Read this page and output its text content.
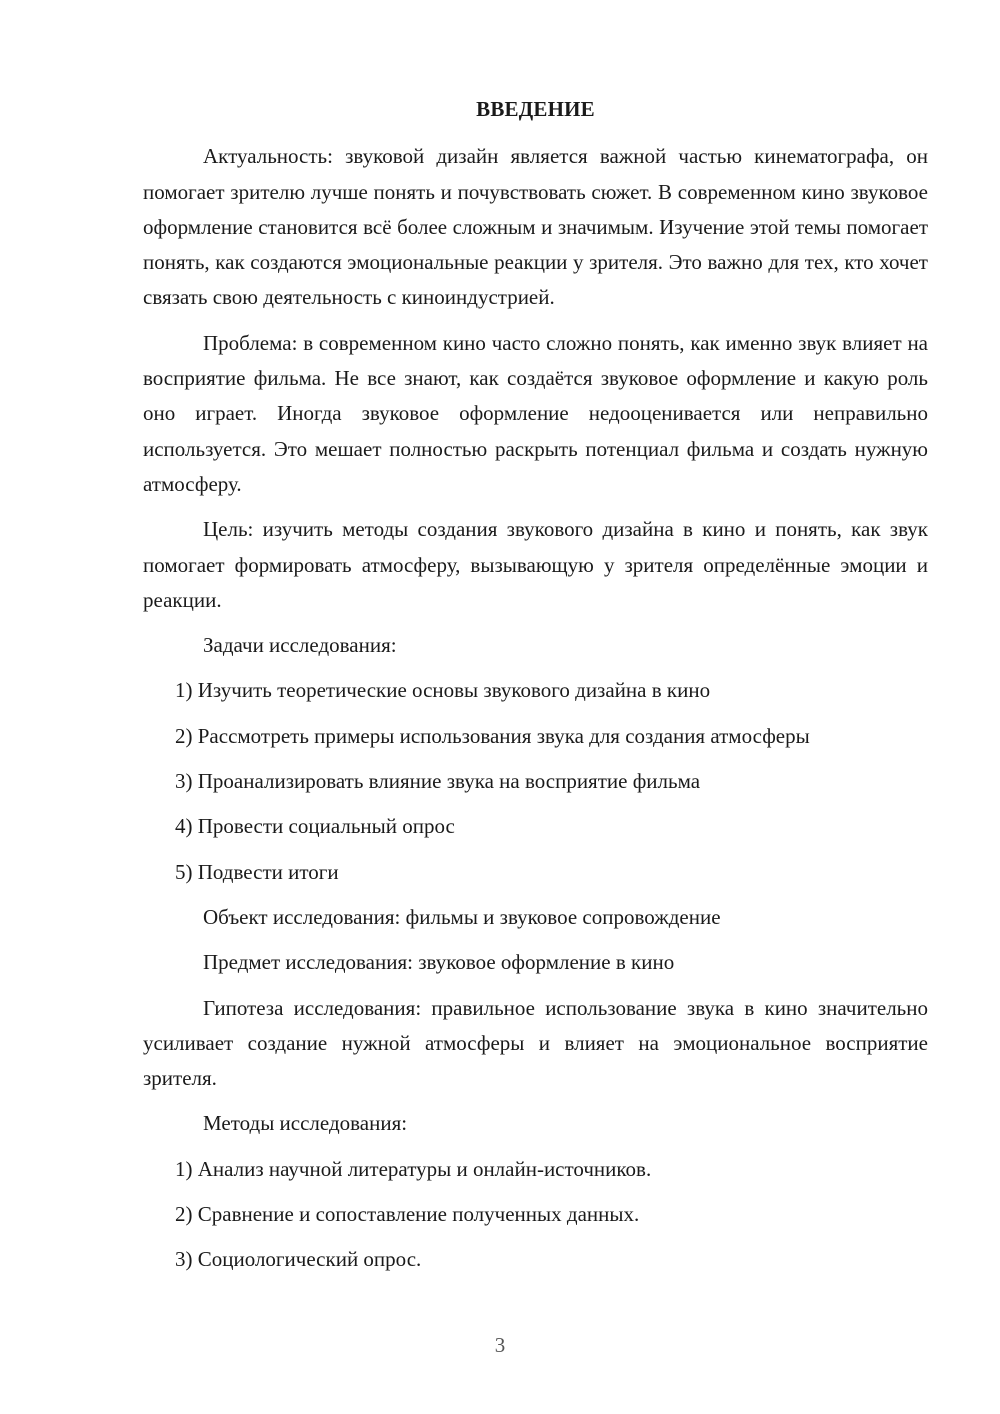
ВВЕДЕНИЕ

Актуальность: звуковой дизайн является важной частью кинематографа, он помогает зрителю лучше понять и почувствовать сюжет. В современном кино звуковое оформление становится всё более сложным и значимым. Изучение этой темы помогает понять, как создаются эмоциональные реакции у зрителя. Это важно для тех, кто хочет связать свою деятельность с киноиндустрией.

Проблема: в современном кино часто сложно понять, как именно звук влияет на восприятие фильма. Не все знают, как создаётся звуковое оформление и какую роль оно играет. Иногда звуковое оформление недооценивается или неправильно используется. Это мешает полностью раскрыть потенциал фильма и создать нужную атмосферу.

Цель: изучить методы создания звукового дизайна в кино и понять, как звук помогает формировать атмосферу, вызывающую у зрителя определённые эмоции и реакции.

Задачи исследования:
1) Изучить теоретические основы звукового дизайна в кино
2) Рассмотреть примеры использования звука для создания атмосферы
3) Проанализировать влияние звука на восприятие фильма
4) Провести социальный опрос
5) Подвести итоги
Объект исследования: фильмы и звуковое сопровождение
Предмет исследования: звуковое оформление в кино

Гипотеза исследования: правильное использование звука в кино значительно усиливает создание нужной атмосферы и влияет на эмоциональное восприятие зрителя.

Методы исследования:
1) Анализ научной литературы и онлайн-источников.
2) Сравнение и сопоставление полученных данных.
3) Социологический опрос.
3
